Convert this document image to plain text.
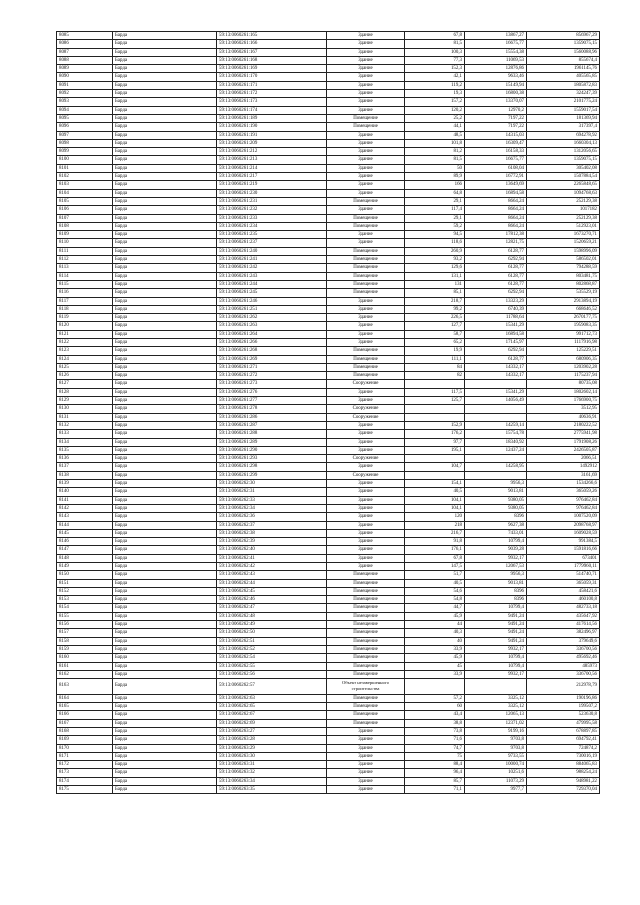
8085	Барда	59:13:0060261:165	Здание	67,8	13867,27	856967,29
8086	Барда	59:13:0060261:166	Здание	81,5	16675,77	1359075,15
8087	Барда	59:13:0060261:167	Здание	100,3	15554,38	1560088,96
8088	Барда	59:13:0060261:168	Здание	77,3	11069,53	855674,4
8089	Барда	59:13:0060261:169	Здание	152,3	12876,86	1961145,76
8090	Барда	59:13:0060261:170	Здание	42,1	9633,46	405565,85
8091	Барда	59:13:0060261:171	Здание	119,2	15149,94	1805872,83
8092	Барда	59:13:0060261:172	Здание	19,3	16800,38	324247,39
8093	Барда	59:13:0060261:173	Здание	157,2	13370,07	2101775,24
8094	Барда	59:13:0060261:174	Здание	120,2	12970,2	1559017,54
8095	Барда	59:13:0060261:189	Помещение	25,2	7197,22	181369,94
8096	Барда	59:13:0060261:190	Помещение	44,1	7197,22	317397,4
8097	Барда	59:13:0060261:191	Здание	48,5	14315,03	694278,92
8098	Барда	59:13:0060261:209	Здание	101,8	16309,47	1660304,13
8099	Барда	59:13:0060261:212	Здание	81,2	16158,33	1312056,65
8100	Барда	59:13:0060261:213	Здание	81,5	16675,77	1359075,15
8101	Барда	59:13:0060261:214	Здание	50	6108,04	305402,08
8102	Барда	59:13:0060261:217	Здание	89,9	16772,91	1507884,54
8103	Барда	59:13:0060261:219	Здание	166	13649,69	2265848,65
8104	Барда	59:13:0060261:230	Здание	64,8	16894,58	1094768,63
8105	Барда	59:13:0060261:231	Помещение	29,1	8664,24	252129,38
8106	Барда	59:13:0060261:232	Здание	117,4	8664,24	1017182
8107	Барда	59:13:0060261:233	Помещение	29,1	8664,24	252129,38
8108	Барда	59:13:0060261:234	Помещение	59,2	8664,24	512923,01
8109	Барда	59:13:0060261:235	Здание	94,5	17812,38	1673270,71
8110	Барда	59:13:0060261:237	Здание	118,6	12821,75	1520659,21
8111	Барда	59:13:0060261:240	Помещение	260,9	6128,77	1598996,09
8112	Барда	59:13:0060261:241	Помещение	93,2	6292,94	586502,01
8113	Барда	59:13:0060261:242	Помещение	129,6	6128,77	794288,59
8114	Барда	59:13:0060261:243	Помещение	131,1	6128,77	803481,75
8115	Барда	59:13:0060261:244	Помещение	131	6128,77	802868,87
8116	Барда	59:13:0060261:245	Помещение	85,1	6292,94	535529,19
8117	Барда	59:13:0060261:246	Здание	218,7	13323,29	2913894,19
8118	Барда	59:13:0060261:251	Здание	99,2	6740,39	668646,52
8119	Барда	59:13:0060261:262	Здание	226,5	11788,64	2670177,75
8120	Барда	59:13:0060261:263	Здание	127,7	15341,29	1959083,35
8121	Барда	59:13:0060261:264	Здание	58,7	16894,58	991712,73
8122	Барда	59:13:0060261:266	Здание	65,2	17145,97	1117916,98
8123	Барда	59:13:0060261:268	Помещение	19,9	6292,94	125229,51
8124	Барда	59:13:0060261:269	Помещение	111,1	6128,77	680906,35
8125	Барда	59:13:0060261:271	Помещение	84	14332,17	1203902,28
8126	Барда	59:13:0060261:272	Помещение	82	14332,17	1175237,94
8127	Барда	59:13:0060261:273	Сооружение			80735,08
8128	Барда	59:13:0060261:276	Здание	117,5	15341,29	1802602,14
8129	Барда	59:13:0060261:277	Здание	125,7	14056,49	1766900,75
8130	Барда	59:13:0060261:278	Сооружение			3512,95
8131	Барда	59:13:0060261:286	Сооружение			40636,91
8132	Барда	59:13:0060261:287	Здание	152,9	14259,14	2180222,52
8133	Барда	59:13:0060261:288	Здание	176,2	15754,78	2775941,98
8134	Барда	59:13:0060261:289	Здание	97,7	18340,92	1791908,26
8135	Барда	59:13:0060261:290	Здание	195,1	12437,24	2426505,87
8136	Барда	59:13:0060261:293	Сооружение			2066,51
8137	Барда	59:13:0060261:298	Здание	104,7	14258,95	1492912
8138	Барда	59:13:0060261:299	Сооружение			3161,69
8139	Барда	59:13:0060262:30	Здание	154,1	9956,3	1534266,6
8140	Барда	59:13:0060262:31	Здание	40,5	9013,81	365059,26
8141	Барда	59:13:0060262:33	Здание	104,1	9380,05	976462,84
8142	Барда	59:13:0060262:34	Здание	104,1	9380,05	976462,84
8143	Барда	59:13:0060262:36	Здание	120	8396	1007520,09
8144	Барда	59:13:0060262:37	Здание	218	9627,38	2098768,97
8145	Барда	59:13:0060262:38	Здание	216,7	7433,01	1609028,59
8146	Барда	59:13:0060262:39	Здание	91,8	10799,4	991384,5
8147	Барда	59:13:0060262:40	Здание	176,1	9039,28	1591816,66
8148	Барда	59:13:0060262:41	Здание	67,8	9932,17	673401
8149	Барда	59:13:0060262:42	Здание	147,5	12067,53	1779960,11
8150	Барда	59:13:0060262:43	Помещение	51,7	9956,3	514740,71
8151	Барда	59:13:0060262:44	Помещение	40,5	9013,81	365059,31
8152	Барда	59:13:0060262:45	Помещение	54,6	8396	458421,6
8153	Барда	59:13:0060262:46	Помещение	54,8	8396	460100,8
8154	Барда	59:13:0060262:47	Помещение	44,7	10799,4	482733,18
8155	Барда	59:13:0060262:48	Помещение	45,9	9491,24	435647,92
8156	Барда	59:13:0060262:49	Помещение	44	9491,24	417614,56
8157	Барда	59:13:0060262:50	Помещение	40,3	9491,24	382496,97
8158	Барда	59:13:0060262:51	Помещение	40	9491,24	379649,6
8159	Барда	59:13:0060262:52	Помещение	33,9	9932,17	336700,56
8160	Барда	59:13:0060262:54	Помещение	45,9	10799,4	495692,46
8161	Барда	59:13:0060262:55	Помещение	45	10799,4	485973
8162	Барда	59:13:0060262:56	Помещение	33,9	9932,17	336700,56
8163	Барда	59:13:0060262:57	Объект незавершенного строительства			212978,79
8164	Барда	59:13:0060262:63	Помещение	57,2	3325,12	190196,86
8165	Барда	59:13:0060262:65	Помещение	60	3325,12	199507,2
8166	Барда	59:13:0060262:67	Помещение	43,4	12065,13	523630,8
8167	Барда	59:13:0060262:69	Помещение	38,8	12371,02	479995,58
8168	Барда	59:13:0060263:27	Здание	73,8	9199,16	678897,85
8169	Барда	59:13:0060263:28	Здание	71,6	9703,8	694792,41
8170	Барда	59:13:0060263:29	Здание	74,7	9703,8	724874,2
8171	Барда	59:13:0060263:30	Здание	75	9733,55	730016,19
8172	Барда	59:13:0060263:31	Здание	88,4	10000,74	884065,83
8173	Барда	59:13:0060263:32	Здание	96,4	10251,6	988254,24
8174	Барда	59:13:0060263:34	Здание	85,7	11073,29	948981,22
8175	Барда	59:13:0060263:35	Здание	71,1	9977,7	729370,04
